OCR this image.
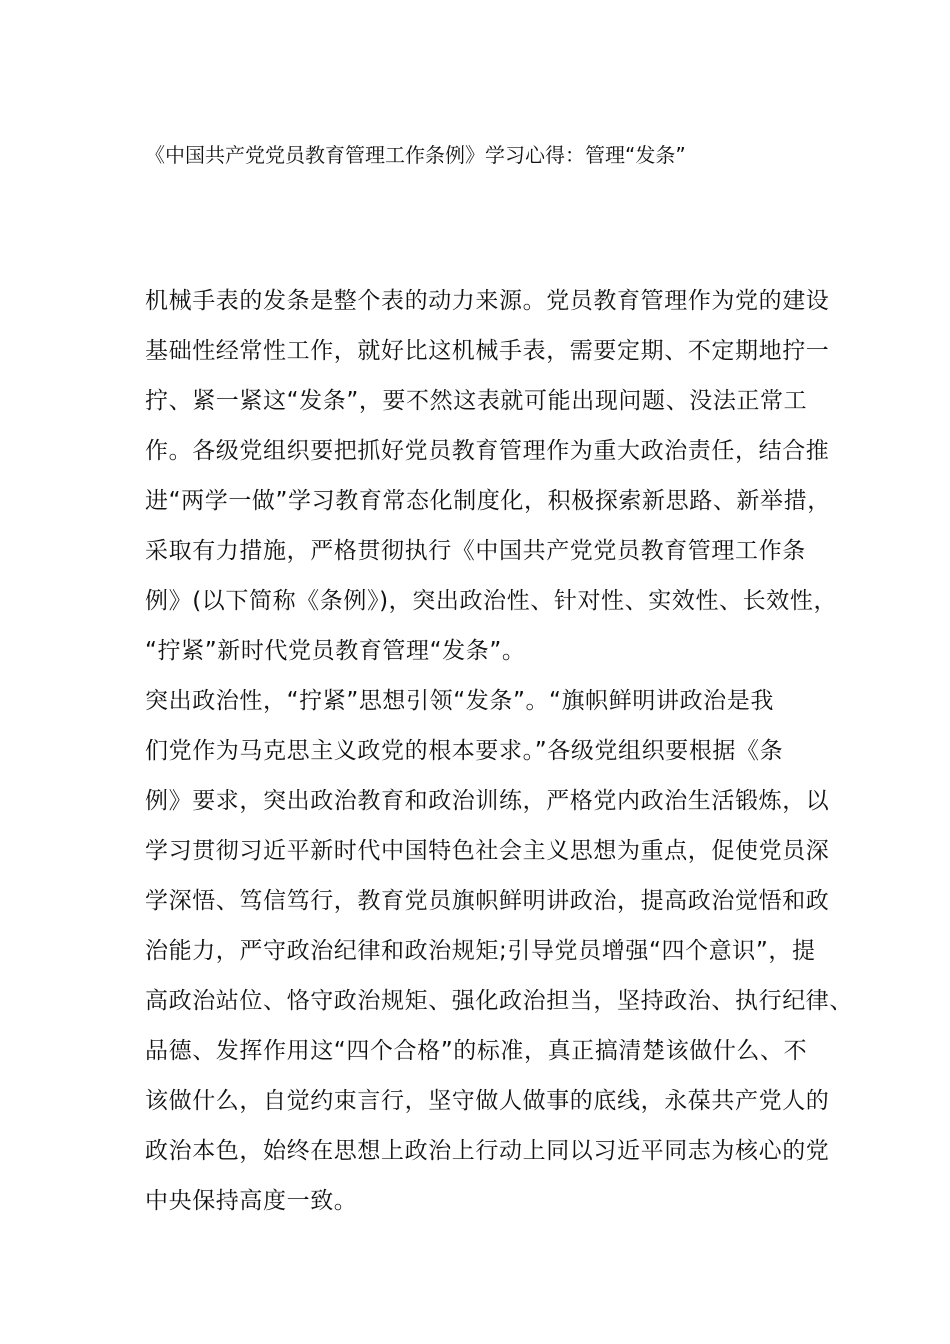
《中国共产党党员教育管理工作条例》学习心得：管理“发条”
机械手表的发条是整个表的动力来源。党员教育管理作为党的建设
基础性经常性工作，就好比这机械手表，需要定期、不定期地拧一
拧、紧一紧这“发条”，要不然这表就可能出现问题、没法正常工
作。各级党组织要把抓好党员教育管理作为重大政治责任，结合推
进“两学一做”学习教育常态化制度化，积极探索新思路、新举措，
采取有力措施，严格贯彻执行《中国共产党党员教育管理工作条
例》(以下简称《条例》)，突出政治性、针对性、实效性、长效性，
“拧紧”新时代党员教育管理“发条”。
突出政治性，“拧紧”思想引领“发条”。“旗帜鲜明讲政治是我
们党作为马克思主义政党的根本要求。”各级党组织要根据《条
例》要求，突出政治教育和政治训练，严格党内政治生活锻炼，以
学习贯彻习近平新时代中国特色社会主义思想为重点，促使党员深
学深悟、笃信笃行，教育党员旗帜鲜明讲政治，提高政治觉悟和政
治能力，严守政治纪律和政治规矩;引导党员增强“四个意识”，提
高政治站位、恪守政治规矩、强化政治担当，坚持政治、执行纪律、
品德、发挥作用这“四个合格”的标准，真正搞清楚该做什么、不
该做什么，自觉约束言行，坚守做人做事的底线，永葆共产党人的
政治本色，始终在思想上政治上行动上同以习近平同志为核心的党
中央保持高度一致。
